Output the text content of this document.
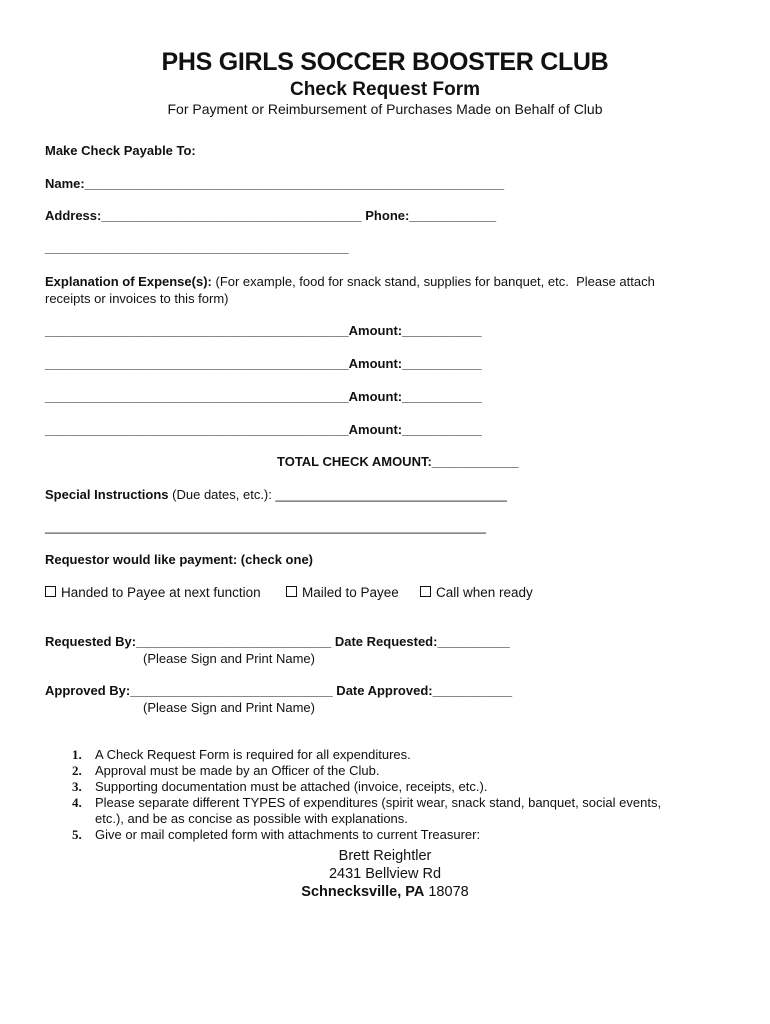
PHS GIRLS SOCCER BOOSTER CLUB
Check Request Form
For Payment or Reimbursement of Purchases Made on Behalf of Club
Make Check Payable To:
Name:__________________________________________________________
Address:____________________________________ Phone:____________
__________________________________________
Explanation of Expense(s): (For example, food for snack stand, supplies for banquet, etc.  Please attach
receipts or invoices to this form)
__________________________________________Amount:___________
__________________________________________Amount:___________
__________________________________________Amount:___________
__________________________________________Amount:___________
TOTAL CHECK AMOUNT:____________
Special Instructions (Due dates, etc.): ________________________________
_____________________________________________________________
Requestor would like payment: (check one)
Handed to Payee at next function	Mailed to Payee	Call when ready
Requested By:___________________________ Date Requested:__________
(Please Sign and Print Name)
Approved By:____________________________ Date Approved:___________
(Please Sign and Print Name)
1. A Check Request Form is required for all expenditures.
2. Approval must be made by an Officer of the Club.
3. Supporting documentation must be attached (invoice, receipts, etc.).
4. Please separate different TYPES of expenditures (spirit wear, snack stand, banquet, social events,
etc.), and be as concise as possible with explanations.
5. Give or mail completed form with attachments to current Treasurer:
Brett Reightler
2431 Bellview Rd
Schnecksville, PA 18078
